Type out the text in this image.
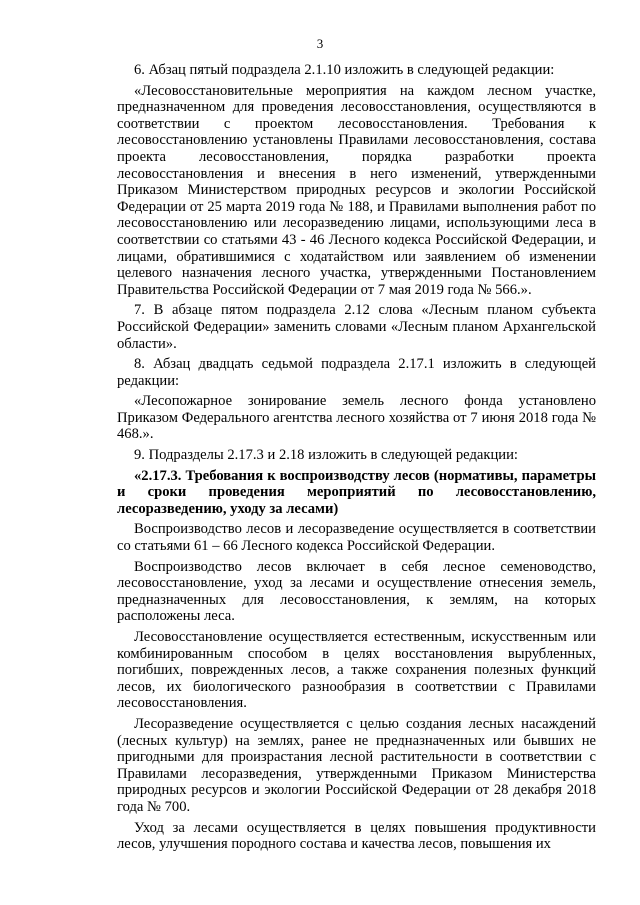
3

6. Абзац пятый подраздела 2.1.10 изложить в следующей редакции:

«Лесовосстановительные мероприятия на каждом лесном участке, предназначенном для проведения лесовосстановления, осуществляются в соответствии с проектом лесовосстановления. Требования к лесовосстановлению установлены Правилами лесовосстановления, состава проекта лесовосстановления, порядка разработки проекта лесовосстановления и внесения в него изменений, утвержденными Приказом Министерством природных ресурсов и экологии Российской Федерации от 25 марта 2019 года № 188, и Правилами выполнения работ по лесовосстановлению или лесоразведению лицами, использующими леса в соответствии со статьями 43 - 46 Лесного кодекса Российской Федерации, и лицами, обратившимися с ходатайством или заявлением об изменении целевого назначения лесного участка, утвержденными Постановлением Правительства Российской Федерации от 7 мая 2019 года № 566.».

7. В абзаце пятом подраздела 2.12 слова «Лесным планом субъекта Российской Федерации» заменить словами «Лесным планом Архангельской области».

8. Абзац двадцать седьмой подраздела 2.17.1 изложить в следующей редакции:

«Лесопожарное зонирование земель лесного фонда установлено Приказом Федерального агентства лесного хозяйства от 7 июня 2018 года № 468.».

9. Подразделы 2.17.3 и 2.18 изложить в следующей редакции:

«2.17.3. Требования к воспроизводству лесов (нормативы, параметры и сроки проведения мероприятий по лесовосстановлению, лесоразведению, уходу за лесами)

Воспроизводство лесов и лесоразведение осуществляется в соответствии со статьями 61 – 66 Лесного кодекса Российской Федерации.

Воспроизводство лесов включает в себя лесное семеноводство, лесовосстановление, уход за лесами и осуществление отнесения земель, предназначенных для лесовосстановления, к землям, на которых расположены леса.

Лесовосстановление осуществляется естественным, искусственным или комбинированным способом в целях восстановления вырубленных, погибших, поврежденных лесов, а также сохранения полезных функций лесов, их биологического разнообразия в соответствии с Правилами лесовосстановления.

Лесоразведение осуществляется с целью создания лесных насаждений (лесных культур) на землях, ранее не предназначенных или бывших не пригодными для произрастания лесной растительности в соответствии с Правилами лесоразведения, утвержденными Приказом Министерства природных ресурсов и экологии Российской Федерации от 28 декабря 2018 года № 700.

Уход за лесами осуществляется в целях повышения продуктивности лесов, улучшения породного состава и качества лесов, повышения их
